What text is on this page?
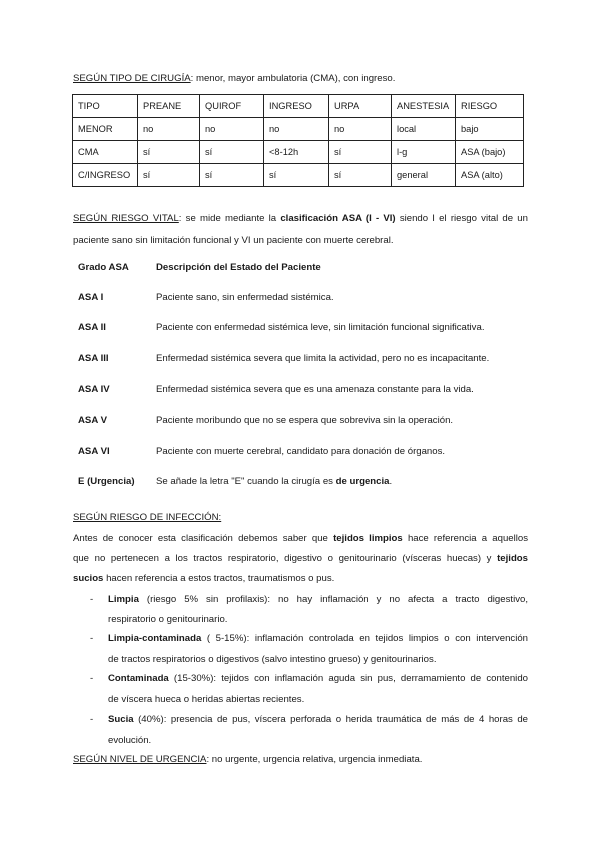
SEGÚN TIPO DE CIRUGÍA: menor, mayor ambulatoria (CMA), con ingreso.
TIPO	PREANE	QUIROF	INGRESO	URPA	ANESTESIA	RIESGO
MENOR	no	no	no	no	local	bajo
CMA	sí	sí	<8-12h	sí	l-g	ASA (bajo)
C/INGRESO	sí	sí	sí	sí	general	ASA (alto)
SEGÚN RIESGO VITAL: se mide mediante la clasificación ASA (I - VI) siendo I el riesgo vital de un
paciente sano sin limitación funcional y VI un paciente con muerte cerebral.
Grado ASA	Descripción del Estado del Paciente
ASA I	Paciente sano, sin enfermedad sistémica.
ASA II	Paciente con enfermedad sistémica leve, sin limitación funcional significativa.
ASA III	Enfermedad sistémica severa que limita la actividad, pero no es incapacitante.
ASA IV	Enfermedad sistémica severa que es una amenaza constante para la vida.
ASA V	Paciente moribundo que no se espera que sobreviva sin la operación.
ASA VI	Paciente con muerte cerebral, candidato para donación de órganos.
E (Urgencia) Se añade la letra "E" cuando la cirugía es de urgencia.
SEGÚN RIESGO DE INFECCIÓN:
Antes de conocer esta clasificación debemos saber que tejidos limpios hace referencia a aquellos
que no pertenecen a los tractos respiratorio, digestivo o genitourinario (vísceras huecas) y tejidos
sucios hacen referencia a estos tractos, traumatismos o pus.
- Limpia (riesgo 5% sin profilaxis): no hay inflamación y no afecta a tracto digestivo,
respiratorio o genitourinario.
- Limpia-contaminada ( 5-15%): inflamación controlada en tejidos limpios o con intervención
de tractos respiratorios o digestivos (salvo intestino grueso) y genitourinarios.
- Contaminada (15-30%): tejidos con inflamación aguda sin pus, derramamiento de contenido
de víscera hueca o heridas abiertas recientes.
- Sucia (40%): presencia de pus, víscera perforada o herida traumática de más de 4 horas de
evolución.
SEGÚN NIVEL DE URGENCIA: no urgente, urgencia relativa, urgencia inmediata.
